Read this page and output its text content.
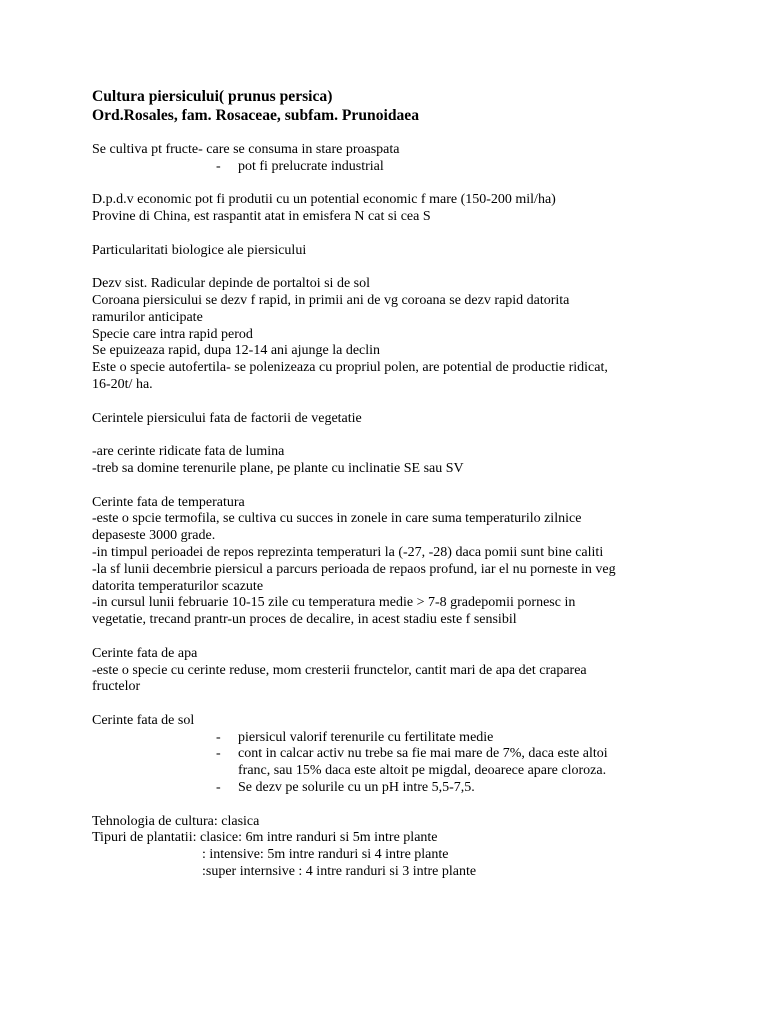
Cultura piersicului( prunus persica)

Ord.Rosales, fam. Rosaceae, subfam. Prunoidaea

Se cultiva pt fructe- care se consuma in stare proaspata

- pot fi prelucrate industrial

D.p.d.v economic pot fi produtii cu un potential economic f mare (150-200 mil/ha)

Provine di China, est raspantit atat in emisfera N cat si cea S

Particularitati biologice ale piersicului

Dezv sist. Radicular depinde de portaltoi si de sol

Coroana piersicului se dezv f rapid, in primii ani de vg coroana se dezv rapid datorita

ramurilor anticipate

Specie care intra rapid perod

Se epuizeaza rapid, dupa 12-14 ani ajunge la declin

Este o specie autofertila- se polenizeaza cu propriul polen, are potential de productie ridicat,

16-20t/ ha.

Cerintele piersicului fata de factorii de vegetatie

-are cerinte ridicate fata de lumina

-treb sa domine terenurile plane, pe plante cu inclinatie SE sau SV

Cerinte fata de temperatura

-este o spcie termofila, se cultiva cu succes in zonele in care suma temperaturilo zilnice

depaseste 3000 grade.

-in timpul perioadei de repos reprezinta temperaturi la (-27, -28) daca pomii sunt bine caliti

-la sf lunii decembrie piersicul a parcurs perioada de repaos profund, iar el nu porneste in veg

datorita temperaturilor scazute

-in cursul lunii februarie 10-15 zile cu temperatura medie > 7-8 gradepomii pornesc in

vegetatie, trecand prantr-un proces de decalire, in acest stadiu este f sensibil

Cerinte fata de apa

-este o specie cu cerinte reduse, mom cresterii frunctelor, cantit mari de apa det craparea

fructelor

Cerinte fata de sol

- piersicul valorif terenurile cu fertilitate medie

- cont in calcar activ nu trebe sa fie mai mare de 7%, daca este altoi

franc, sau 15% daca este altoit pe migdal, deoarece apare cloroza.

- Se dezv pe solurile cu un pH intre 5,5-7,5.

Tehnologia de cultura: clasica

Tipuri de plantatii: clasice: 6m intre randuri si 5m intre plante

: intensive: 5m intre randuri si 4 intre plante

:super internsive : 4 intre randuri si 3 intre plante
